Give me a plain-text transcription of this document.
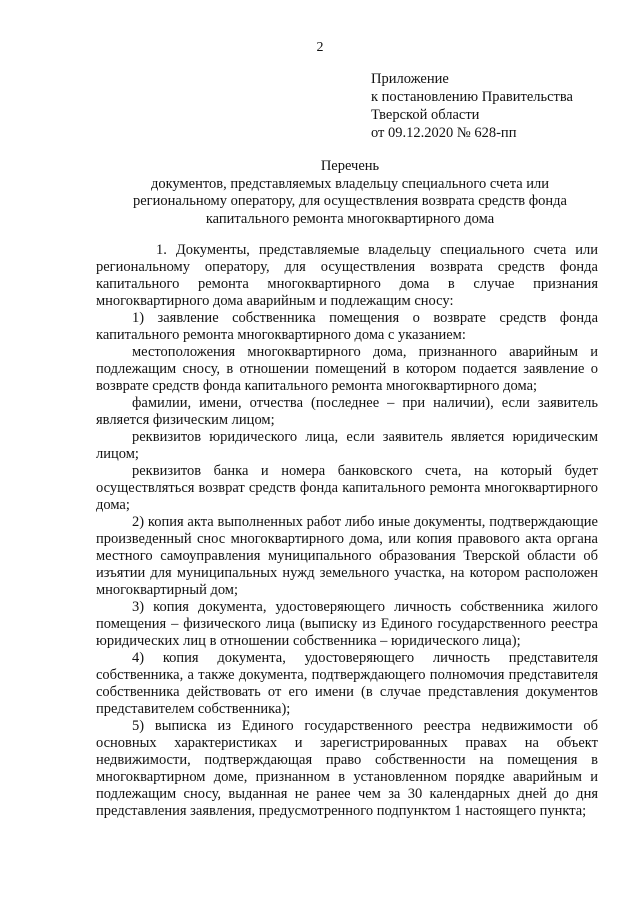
2
Приложение
к постановлению Правительства
Тверской области
от 09.12.2020 № 628-пп
Перечень
документов, представляемых владельцу специального счета или
региональному оператору, для осуществления возврата средств фонда
капитального ремонта многоквартирного дома

1. Документы, представляемые владельцу специального счета или региональному оператору, для осуществления возврата средств фонда капитального ремонта многоквартирного дома в случае признания многоквартирного дома аварийным и подлежащим сносу:

1) заявление собственника помещения о возврате средств фонда капитального ремонта многоквартирного дома с указанием:

местоположения многоквартирного дома, признанного аварийным и подлежащим сносу, в отношении помещений в котором подается заявление о возврате средств фонда капитального ремонта многоквартирного дома;

фамилии, имени, отчества (последнее – при наличии), если заявитель является физическим лицом;

реквизитов юридического лица, если заявитель является юридическим лицом;

реквизитов банка и номера банковского счета, на который будет осуществляться возврат средств фонда капитального ремонта многоквартирного дома;

2) копия акта выполненных работ либо иные документы, подтверждающие произведенный снос многоквартирного дома, или копия правового акта органа местного самоуправления муниципального образования Тверской области об изъятии для муниципальных нужд земельного участка, на котором расположен многоквартирный дом;

3) копия документа, удостоверяющего личность собственника жилого помещения – физического лица (выписку из Единого государственного реестра юридических лиц в отношении собственника – юридического лица);

4) копия документа, удостоверяющего личность представителя собственника, а также документа, подтверждающего полномочия представителя собственника действовать от его имени (в случае представления документов представителем собственника);

5) выписка из Единого государственного реестра недвижимости об основных характеристиках и зарегистрированных правах на объект недвижимости, подтверждающая право собственности на помещения в многоквартирном доме, признанном в установленном порядке аварийным и подлежащим сносу, выданная не ранее чем за 30 календарных дней до дня представления заявления, предусмотренного подпунктом 1 настоящего пункта;
